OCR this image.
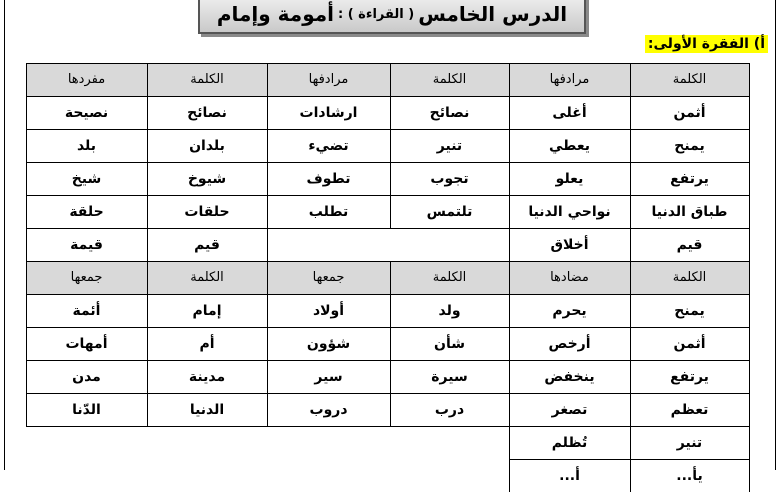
الدرس الخامس
( القراءة ) :
أمومة وإمام
أ) الفقرة الأولى:
الكلمة
مرادفها
الكلمة
مرادفها
الكلمة
مفردها
أثمن
أغلى
نصائح
ارشادات
نصائح
نصيحة
يمنح
يعطي
تنير
تضيء
بلدان
بلد
يرتفع
يعلو
تجوب
تطوف
شيوخ
شيخ
طباق الدنيا
نواحي الدنيا
تلتمس
تطلب
حلقات
حلقة
قيم
أخلاق
قيم
قيمة
الكلمة
مضادها
الكلمة
جمعها
الكلمة
جمعها
يمنح
يحرم
ولد
أولاد
إمام
أئمة
أثمن
أرخص
شأن
شؤون
أم
أمهات
يرتفع
ينخفض
سيرة
سير
مدينة
مدن
تعظم
تصغر
درب
دروب
الدنيا
الدّنا
تنير
تُظلم
يأ...
أ...
